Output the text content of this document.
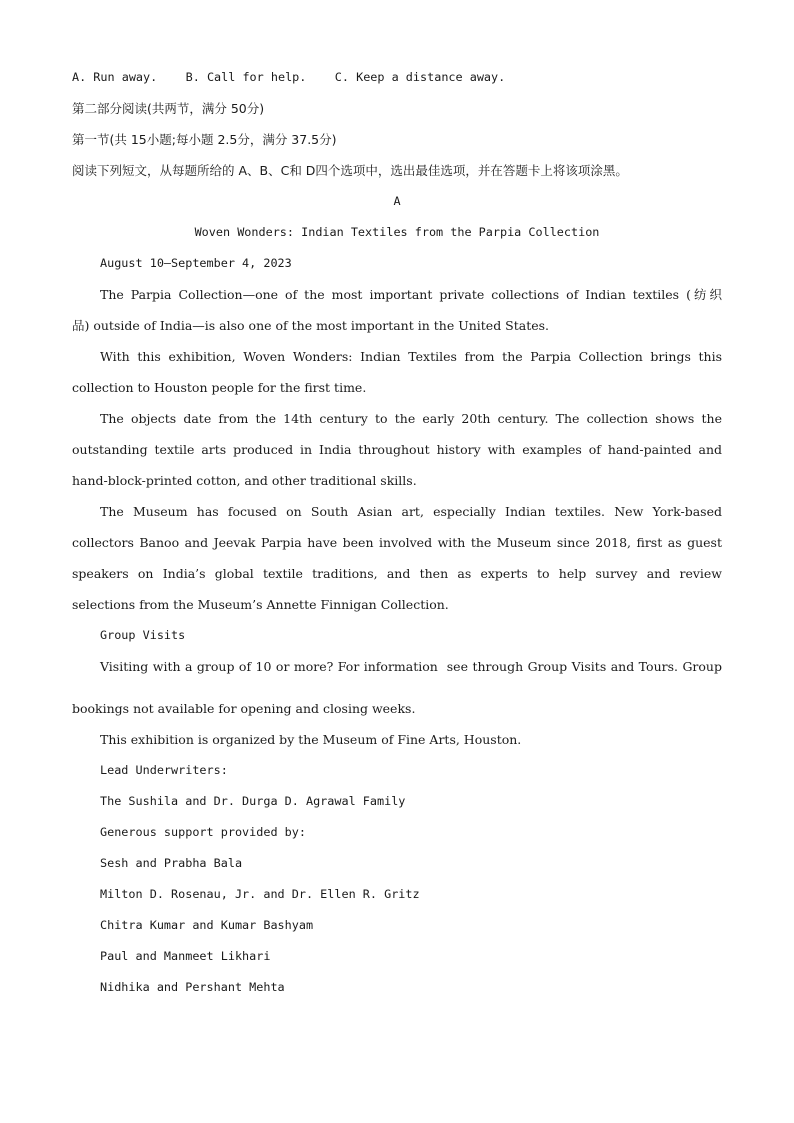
A. Run away.    B. Call for help.    C. Keep a distance away.
第二部分阅读(共两节，满分 50分)
第一节(共 15小题;每小题 2.5分，满分 37.5分)
阅读下列短文，从每题所给的 A、B、C和 D四个选项中，选出最佳选项，并在答题卡上将该项涂黑。
A
Woven Wonders: Indian Textiles from the Parpia Collection
August 10—September 4, 2023
The Parpia Collection—one of the most important private collections of Indian textiles (纺织
品) outside of India—is also one of the most important in the United States.
With this exhibition, Woven Wonders: Indian Textiles from the Parpia Collection brings this
collection to Houston people for the first time.
The objects date from the 14th century to the early 20th century. The collection shows the
outstanding textile arts produced in India throughout history with examples of hand-painted and
hand-block-printed cotton, and other traditional skills.
The Museum has focused on South Asian art, especially Indian textiles. New York-based
collectors Banoo and Jeevak Parpia have been involved with the Museum since 2018, first as guest
speakers on India’s global textile traditions, and then as experts to help survey and review
selections from the Museum’s Annette Finnigan Collection.
Group Visits
Visiting with a group of 10 or more? For information  see through Group Visits and Tours. Group
bookings not available for opening and closing weeks.
This exhibition is organized by the Museum of Fine Arts, Houston.
Lead Underwriters:
The Sushila and Dr. Durga D. Agrawal Family
Generous support provided by:
Sesh and Prabha Bala
Milton D. Rosenau, Jr. and Dr. Ellen R. Gritz
Chitra Kumar and Kumar Bashyam
Paul and Manmeet Likhari
Nidhika and Pershant Mehta
